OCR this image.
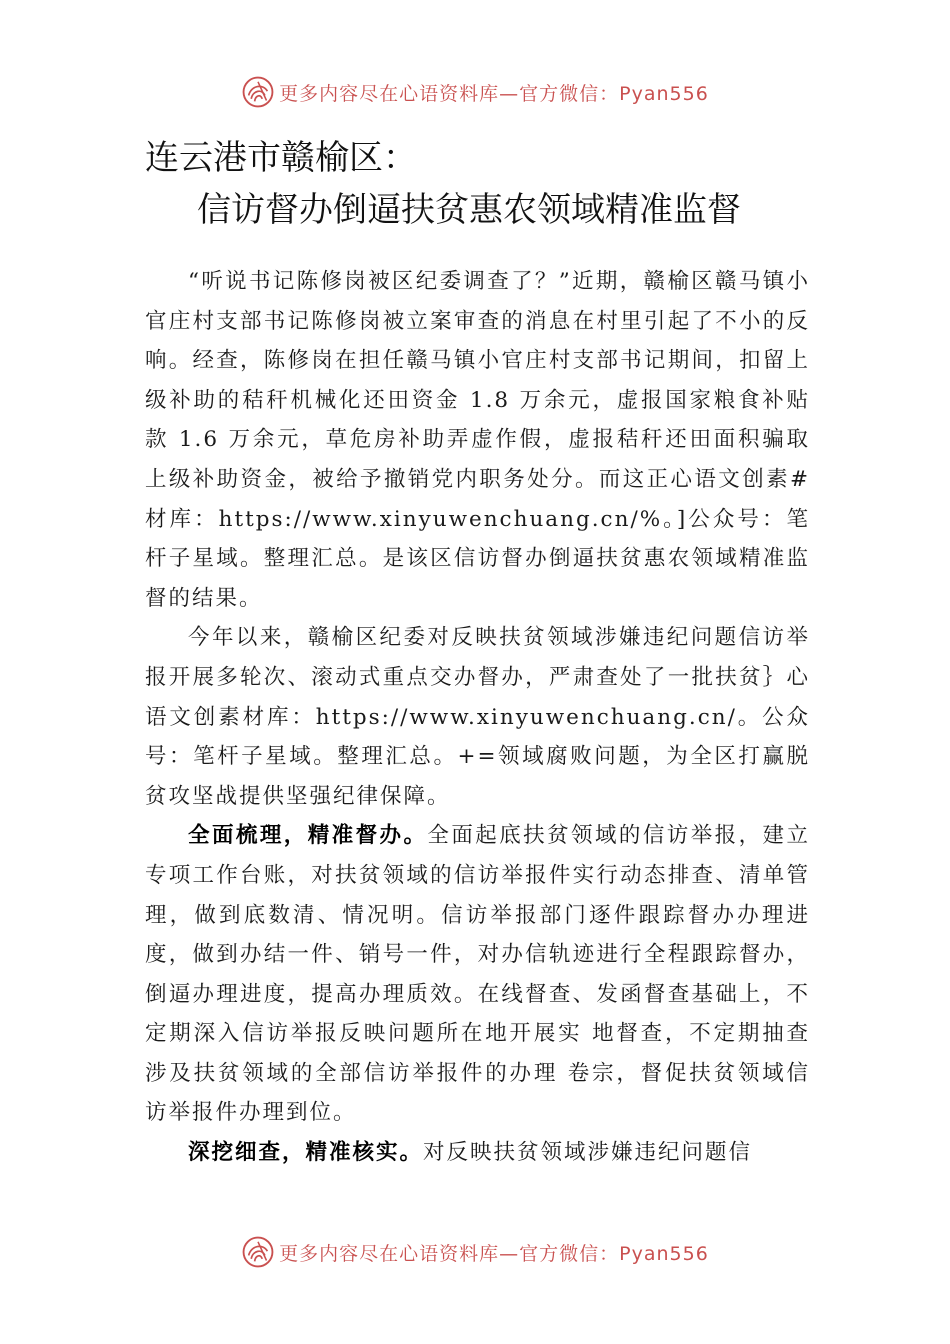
更多内容尽在心语资料库—官方微信：Pyan556
连云港市赣榆区：
信访督办倒逼扶贫惠农领域精准监督

“听说书记陈修岗被区纪委调查了？”近期，赣榆区赣马镇小官庄村支部书记陈修岗被立案审查的消息在村里引起了不小的反响。经查，陈修岗在担任赣马镇小官庄村支部书记期间，扣留上级补助的秸秆机械化还田资金 1.8 万余元，虚报国家粮食补贴款 1.6 万余元，草危房补助弄虚作假，虚报秸秆还田面积骗取上级补助资金，被给予撤销党内职务处分。而这正心语文创素#材库：https://www.xinyuwenchuang.cn/%。]公众号：笔杆子星域。整理汇总。是该区信访督办倒逼扶贫惠农领域精准监督的结果。

今年以来，赣榆区纪委对反映扶贫领域涉嫌违纪问题信访举报开展多轮次、滚动式重点交办督办，严肃查处了一批扶贫｝心语文创素材库：https://www.xinyuwenchuang.cn/。公众号：笔杆子星域。整理汇总。+=领域腐败问题，为全区打赢脱贫攻坚战提供坚强纪律保障。

全面梳理，精准督办。全面起底扶贫领域的信访举报，建立专项工作台账，对扶贫领域的信访举报件实行动态排查、清单管理，做到底数清、情况明。信访举报部门逐件跟踪督办办理进度，做到办结一件、销号一件，对办信轨迹进行全程跟踪督办，倒逼办理进度，提高办理质效。在线督查、发函督查基础上，不定期深入信访举报反映问题所在地开展实 地督查，不定期抽查涉及扶贫领域的全部信访举报件的办理 卷宗，督促扶贫领域信访举报件办理到位。

深挖细查，精准核实。对反映扶贫领域涉嫌违纪问题信

更多内容尽在心语资料库—官方微信：Pyan556
